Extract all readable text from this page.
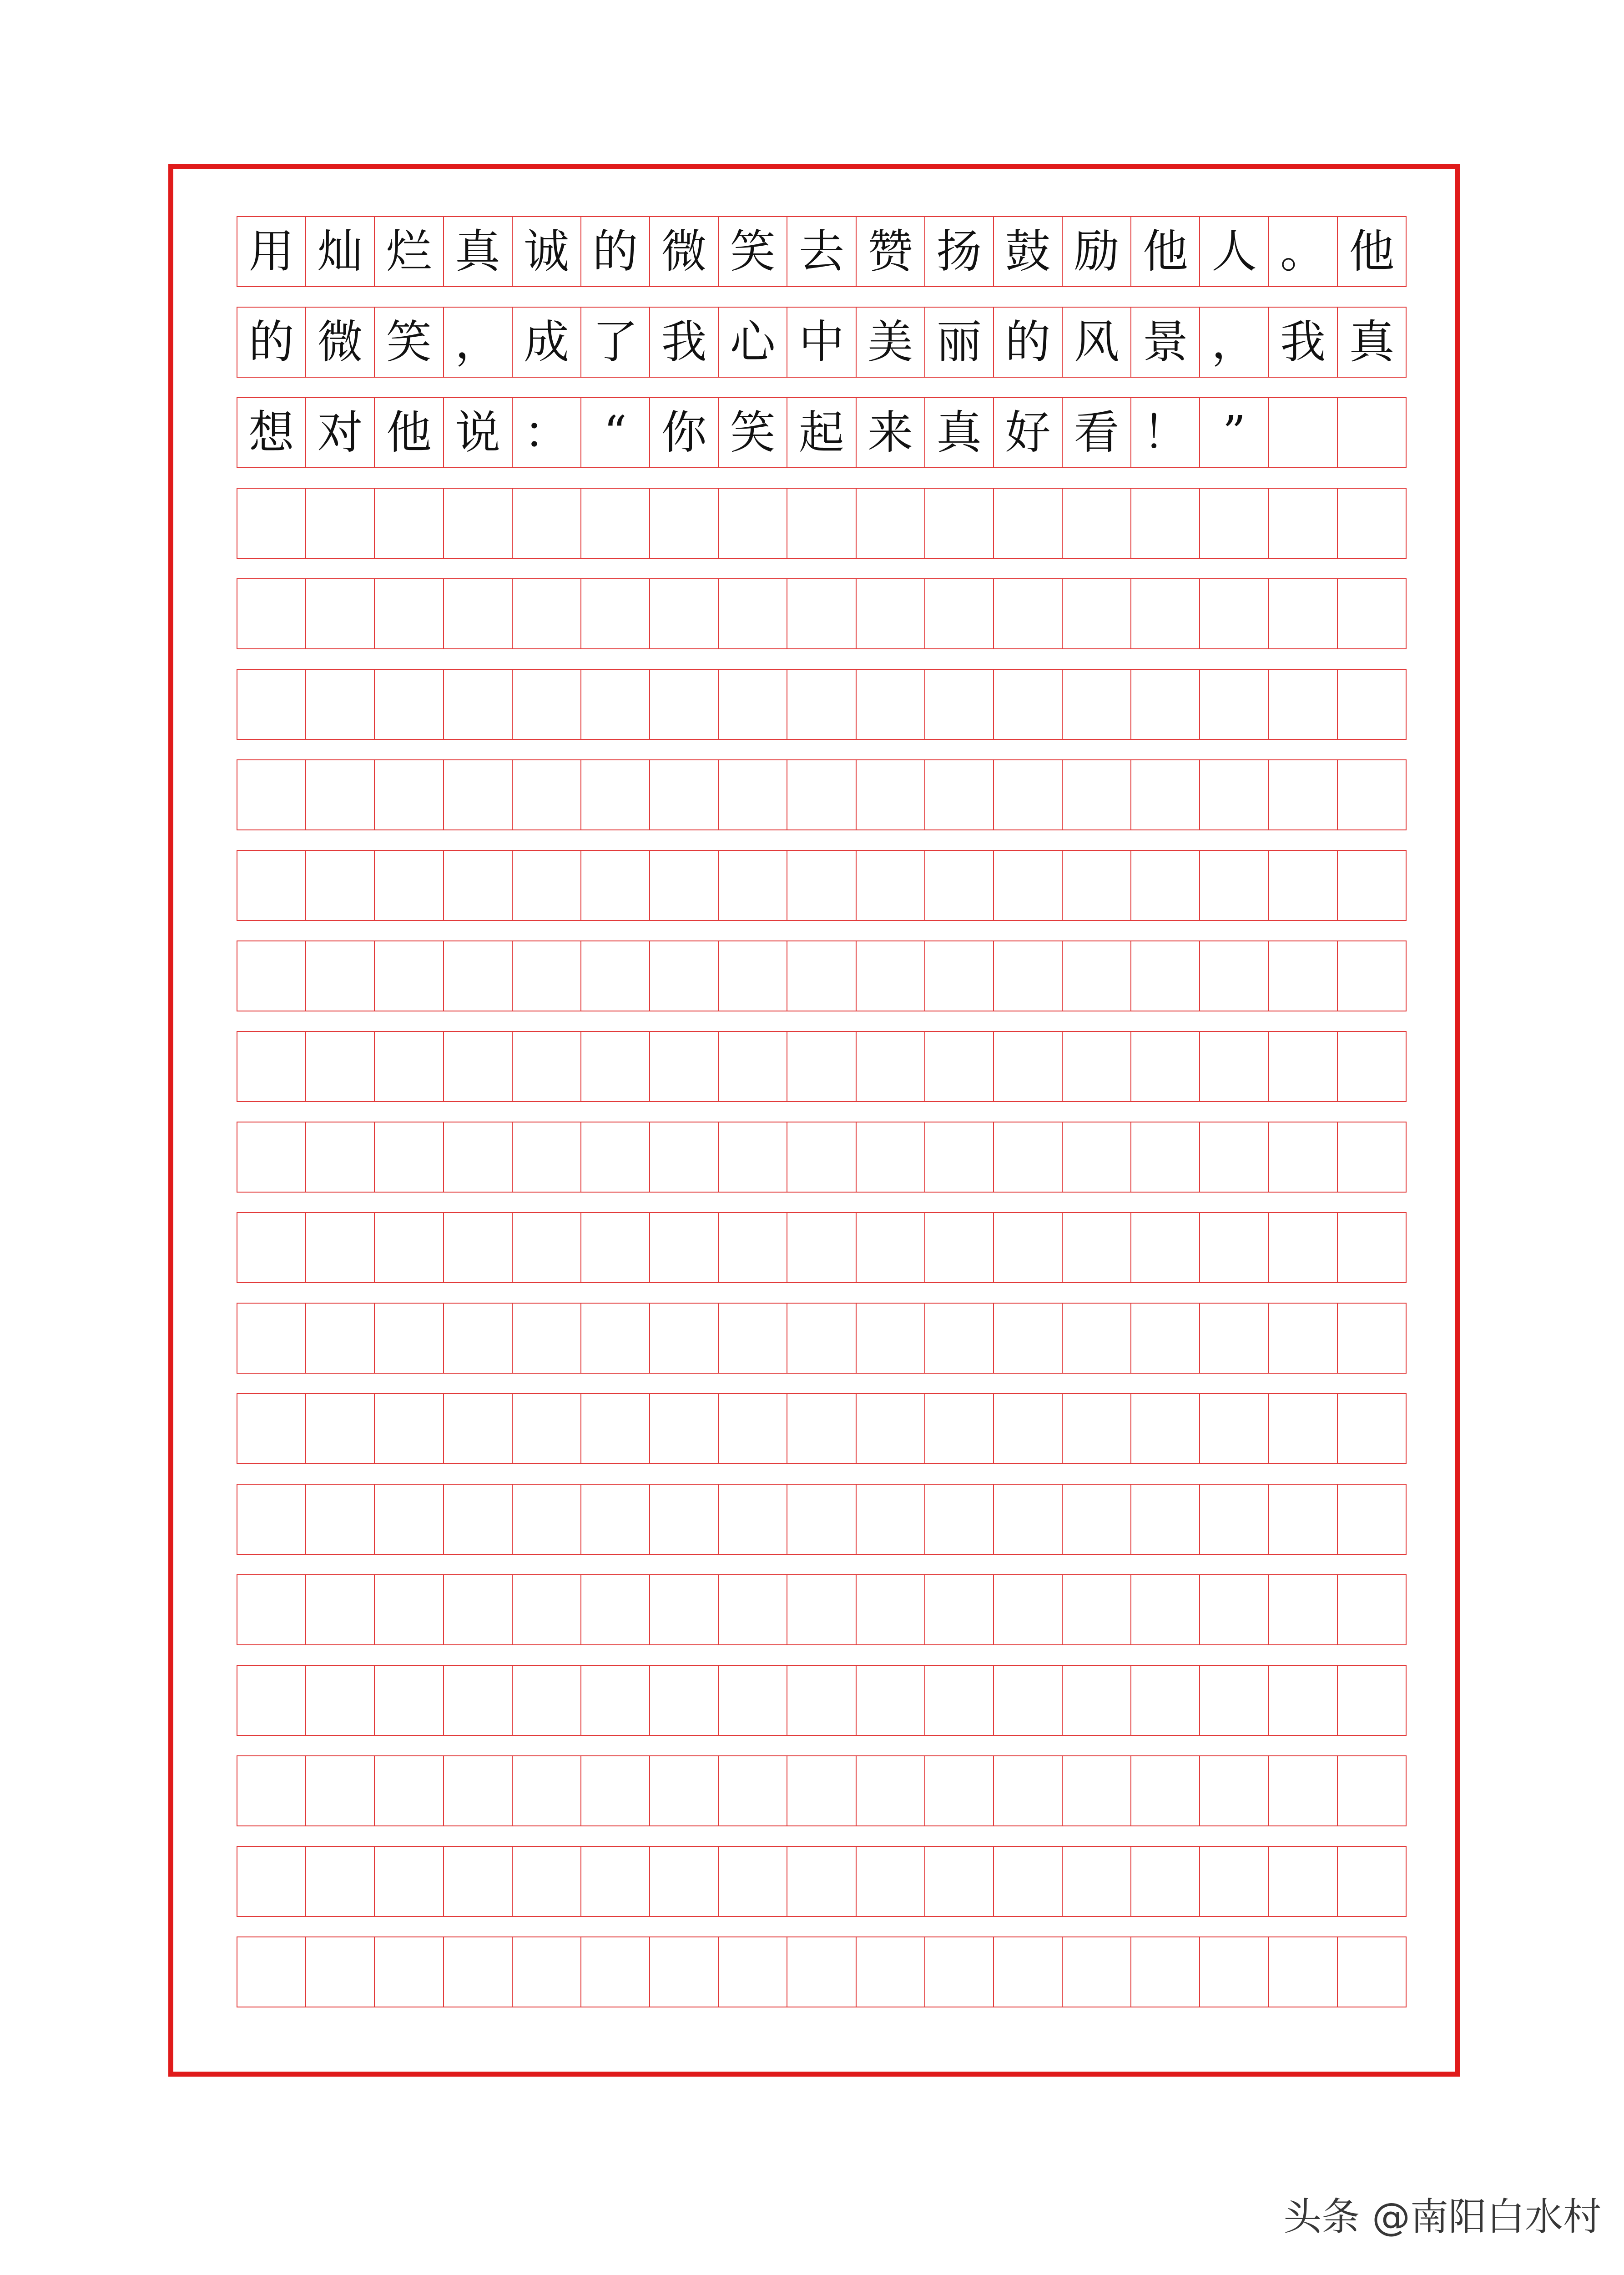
用 灿 烂 真 诚 的 微 笑 去 赞 扬 鼓 励 他 人 。 他
的 微 笑 ， 成 了 我 心 中 美 丽 的 风 景 ， 我 真
想 对 他 说 ： “ 你 笑 起 来 真 好 看 ！ ”
头条 @南阳白水村
